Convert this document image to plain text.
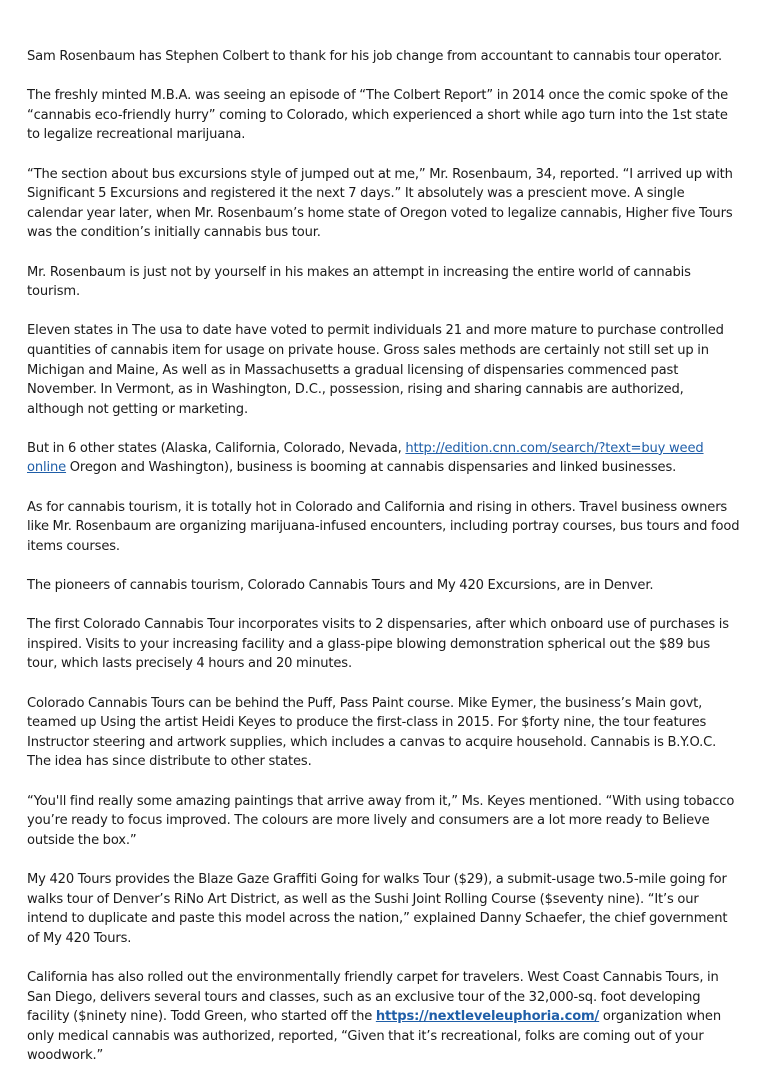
Sam Rosenbaum has Stephen Colbert to thank for his job change from accountant to cannabis tour operator.

The freshly minted M.B.A. was seeing an episode of “The Colbert Report” in 2014 once the comic spoke of the “cannabis eco-friendly hurry” coming to Colorado, which experienced a short while ago turn into the 1st state to legalize recreational marijuana.

“The section about bus excursions style of jumped out at me,” Mr. Rosenbaum, 34, reported. “I arrived up with Significant 5 Excursions and registered it the next 7 days.” It absolutely was a prescient move. A single calendar year later, when Mr. Rosenbaum’s home state of Oregon voted to legalize cannabis, Higher five Tours was the condition’s initially cannabis bus tour.

Mr. Rosenbaum is just not by yourself in his makes an attempt in increasing the entire world of cannabis tourism.

Eleven states in The usa to date have voted to permit individuals 21 and more mature to purchase controlled quantities of cannabis item for usage on private house. Gross sales methods are certainly not still set up in Michigan and Maine, As well as in Massachusetts a gradual licensing of dispensaries commenced past November. In Vermont, as in Washington, D.C., possession, rising and sharing cannabis are authorized, although not getting or marketing.

But in 6 other states (Alaska, California, Colorado, Nevada, http://edition.cnn.com/search/?text=buy weed online Oregon and Washington), business is booming at cannabis dispensaries and linked businesses.

As for cannabis tourism, it is totally hot in Colorado and California and rising in others. Travel business owners like Mr. Rosenbaum are organizing marijuana-infused encounters, including portray courses, bus tours and food items courses.

The pioneers of cannabis tourism, Colorado Cannabis Tours and My 420 Excursions, are in Denver.

The first Colorado Cannabis Tour incorporates visits to 2 dispensaries, after which onboard use of purchases is inspired. Visits to your increasing facility and a glass-pipe blowing demonstration spherical out the $89 bus tour, which lasts precisely 4 hours and 20 minutes.

Colorado Cannabis Tours can be behind the Puff, Pass Paint course. Mike Eymer, the business’s Main govt, teamed up Using the artist Heidi Keyes to produce the first-class in 2015. For $forty nine, the tour features Instructor steering and artwork supplies, which includes a canvas to acquire household. Cannabis is B.Y.O.C. The idea has since distribute to other states.

“You'll find really some amazing paintings that arrive away from it,” Ms. Keyes mentioned. “With using tobacco you’re ready to focus improved. The colours are more lively and consumers are a lot more ready to Believe outside the box.”

My 420 Tours provides the Blaze Gaze Graffiti Going for walks Tour ($29), a submit-usage two.5-mile going for walks tour of Denver’s RiNo Art District, as well as the Sushi Joint Rolling Course ($seventy nine). “It’s our intend to duplicate and paste this model across the nation,” explained Danny Schaefer, the chief government of My 420 Tours.

California has also rolled out the environmentally friendly carpet for travelers. West Coast Cannabis Tours, in San Diego, delivers several tours and classes, such as an exclusive tour of the 32,000-sq. foot developing facility ($ninety nine). Todd Green, who started off the https://nextleveleuphoria.com/ organization when only medical cannabis was authorized, reported, “Given that it’s recreational, folks are coming out of your woodwork.”
